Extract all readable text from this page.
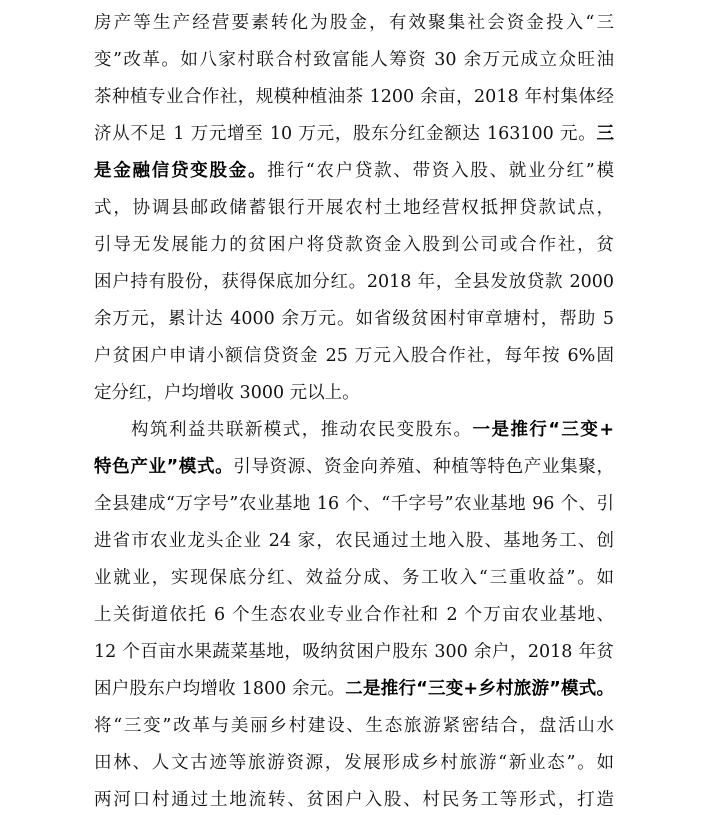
房产等生产经营要素转化为股金，有效聚集社会资金投入“三
变”改革。如八家村联合村致富能人筹资 30 余万元成立众旺油
茶种植专业合作社，规模种植油茶 1200 余亩，2018 年村集体经
济从不足 1 万元增至 10 万元，股东分红金额达 163100 元。三
是金融信贷变股金。推行“农户贷款、带资入股、就业分红”模
式，协调县邮政储蓄银行开展农村土地经营权抵押贷款试点，
引导无发展能力的贫困户将贷款资金入股到公司或合作社，贫
困户持有股份，获得保底加分红。2018 年，全县发放贷款 2000
余万元，累计达 4000 余万元。如省级贫困村审章塘村，帮助 5
户贫困户申请小额信贷资金 25 万元入股合作社，每年按 6%固
定分红，户均增收 3000 元以上。
构筑利益共联新模式，推动农民变股东。一是推行“三变+
特色产业”模式。引导资源、资金向养殖、种植等特色产业集聚，
全县建成“万字号”农业基地 16 个、“千字号”农业基地 96 个、引
进省市农业龙头企业 24 家，农民通过土地入股、基地务工、创
业就业，实现保底分红、效益分成、务工收入“三重收益”。如
上关街道依托 6 个生态农业专业合作社和 2 个万亩农业基地、
12 个百亩水果蔬菜基地，吸纳贫困户股东 300 余户，2018 年贫
困户股东户均增收 1800 余元。二是推行“三变+乡村旅游”模式。
将“三变”改革与美丽乡村建设、生态旅游紧密结合，盘活山水
田林、人文古迹等旅游资源，发展形成乡村旅游“新业态”。如
两河口村通过土地流转、贫困户入股、村民务工等形式，打造
